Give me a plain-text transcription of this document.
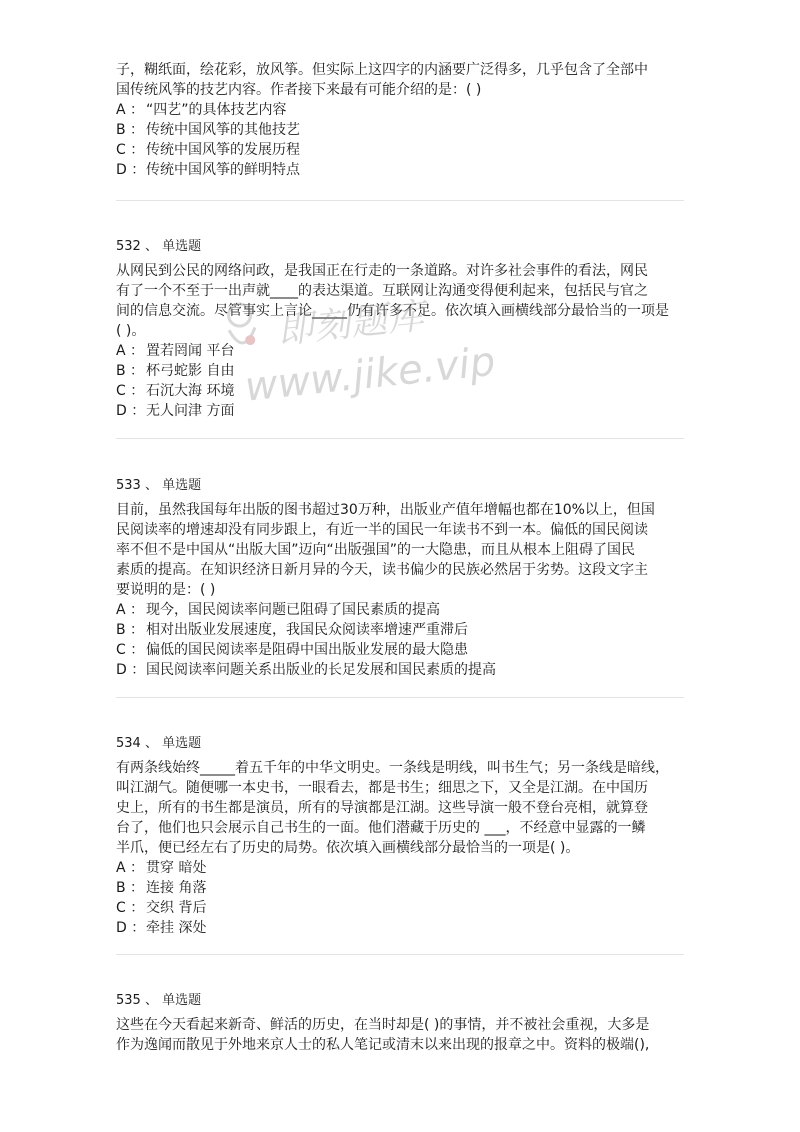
子，糊纸面，绘花彩，放风筝。但实际上这四字的内涵要广泛得多，几乎包含了全部中
国传统风筝的技艺内容。作者接下来最有可能介绍的是：( )
A ： “四艺”的具体技艺内容
B ： 传统中国风筝的其他技艺
C ： 传统中国风筝的发展历程
D ：传统中国风筝的鲜明特点
532 、 单选题
从网民到公民的网络问政，是我国正在行走的一条道路。对许多社会事件的看法，网民
有了一个不至于一出声就____的表达渠道。互联网让沟通变得便利起来，包括民与官之
间的信息交流。尽管事实上言论_____仍有许多不足。依次填入画横线部分最恰当的一项是
( )。
A ： 置若罔闻 平台
B ： 杯弓蛇影 自由
C ： 石沉大海 环境
D ：无人问津 方面
533 、 单选题
目前，虽然我国每年出版的图书超过30万种，出版业产值年增幅也都在10%以上，但国
民阅读率的增速却没有同步跟上，有近一半的国民一年读书不到一本。偏低的国民阅读
率不但不是中国从“出版大国”迈向“出版强国”的一大隐患，而且从根本上阻碍了国民
素质的提高。在知识经济日新月异的今天，读书偏少的民族必然居于劣势。这段文字主
要说明的是：( )
A ： 现今，国民阅读率问题已阻碍了国民素质的提高
B ： 相对出版业发展速度，我国民众阅读率增速严重滞后
C ： 偏低的国民阅读率是阻碍中国出版业发展的最大隐患
D ：国民阅读率问题关系出版业的长足发展和国民素质的提高
534 、 单选题
有两条线始终_____着五千年的中华文明史。一条线是明线，叫书生气；另一条线是暗线，
叫江湖气。随便哪一本史书，一眼看去，都是书生；细思之下，又全是江湖。在中国历
史上，所有的书生都是演员，所有的导演都是江湖。这些导演一般不登台亮相，就算登
台了，他们也只会展示自己书生的一面。他们潜藏于历史的 ___，不经意中显露的一鳞
半爪，便已经左右了历史的局势。依次填入画横线部分最恰当的一项是( )。
A ： 贯穿 暗处
B ： 连接 角落
C ： 交织 背后
D ：牵挂 深处
535 、 单选题
这些在今天看起来新奇、鲜活的历史，在当时却是( )的事情，并不被社会重视，大多是
作为逸闻而散见于外地来京人士的私人笔记或清末以来出现的报章之中。资料的极端(),
即刻题库
www.jike.vip
